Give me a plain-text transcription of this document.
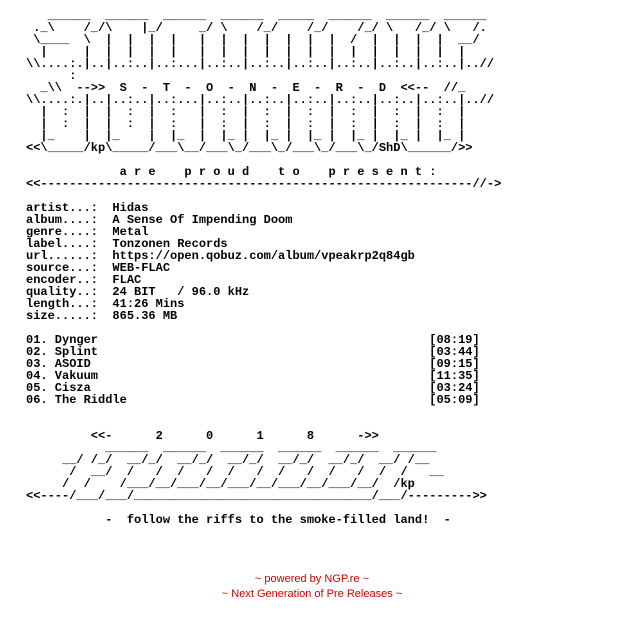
______  ______  ______  ______  _____  ______  ______  ______
._\    /_/\    |_/     _/ \    /_/    /_/    /_/ \   /_/ \   /.
\____  \  |  |  |  |   |  |  |  |  |  |  |  /  |  |  |  |  __/
|     |  |  |  |  |   |  |  |  |  |  |  |  |  |  |  |  |  |
\\....:.|..|..:..|..:...|..:..|..:..|..:..|..:..|..:..|..:..|..//
:
_\\  -->>  S  -  T  -  O  -  N  -  E  -  R  -  D  <<--  //_
\\....:.|..|..:..|..:...|..:..|..:..|..:..|..:..|..:..|..:..|..//
|  :  |  |  :  |  :   |  :  |  :  |  :  |  :  |  :  |  :  |
|  :  |  |  :  |  :   |  :  |  :  |  :  |  :  |  :  |  :  |
|_    |  |_    |  |_  |  |_ |  |_ |  |_ |  |_ |  |_ |  |_ |
<<\_____/kp\_____/___\__/___\_/___\_/___\_/___\_/ShD\______/>>
a r e    p r o u d    t o    p r e s e n t :
<<------------------------------------------------------------//->
artist...:  Hidas
album....:  A Sense Of Impending Doom
genre....:  Metal
label....:  Tonzonen Records
url......:  https://open.qobuz.com/album/vpeakrp2q84gb
source...:  WEB-FLAC
encoder..:  FLAC
quality..:  24 BIT   / 96.0 kHz
length...:  41:26 Mins
size.....:  865.36 MB
01. Dynger                                              [08:19]
02. Splint                                              [03:44]
03. ASOID                                               [09:15]
04. Vakuum                                              [11:35]
05. Cisza                                               [03:24]
06. The Riddle                                          [05:09]
<<-      2      0      1      8      ->>
______  ______  ______  ______  ______  ______
__/ /_/  __/_/  __/_/  __/_/  __/_/  __/_/  __/ /__
/  __/  /   /  /   /  /   /  /   /  /   /  /  /   __
/  /    /___/__/___/__/___/__/___/__/___/__/  /kp
<<----/___/___/_________________________________/___/--------->>
-  follow the riffs to the smoke-filled land!  -
~ powered by NGP.re ~
~ Next Generation of Pre Releases ~
